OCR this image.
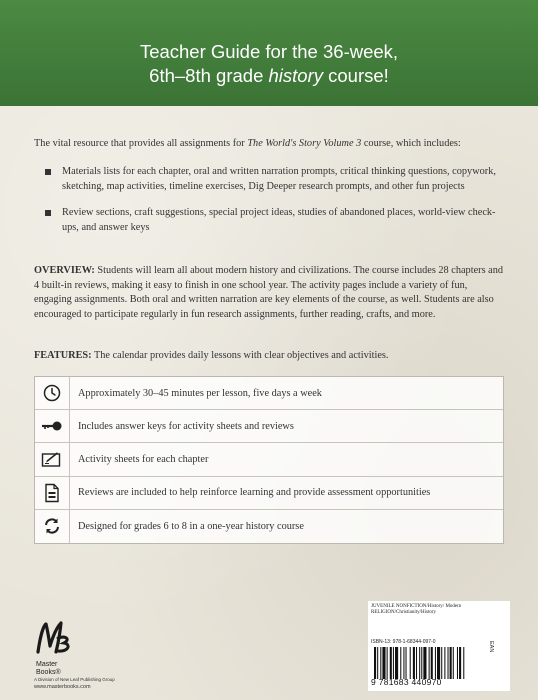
Teacher Guide for the 36-week,
6th–8th grade history course!

The vital resource that provides all assignments for The World's Story Volume 3 course, which includes:

Materials lists for each chapter, oral and written narration prompts, critical thinking questions, copywork, sketching, map activities, timeline exercises, Dig Deeper research prompts, and other fun projects
Review sections, craft suggestions, special project ideas, studies of abandoned places, world-view check-ups, and answer keys

OVERVIEW: Students will learn all about modern history and civilizations. The course includes 28 chapters and 4 built-in reviews, making it easy to finish in one school year. The activity pages include a variety of fun, engaging assignments. Both oral and written narration are key elements of the course, as well. Students are also encouraged to participate regularly in fun research assignments, further reading, crafts, and more.

FEATURES: The calendar provides daily lessons with clear objectives and activities.

Approximately 30–45 minutes per lesson, five days a week
Includes answer keys for activity sheets and reviews
Activity sheets for each chapter
Reviews are included to help reinforce learning and provide assessment opportunities
Designed for grades 6 to 8 in a one-year history course
Master
Books®
A Division of New Leaf Publishing Group
www.masterbooks.com
JUVENILE NONFICTION/History/ Modern RELIGION/Christianity/History
ISBN-13: 978-1-68344-097-0
9 781683 440970
EAN
